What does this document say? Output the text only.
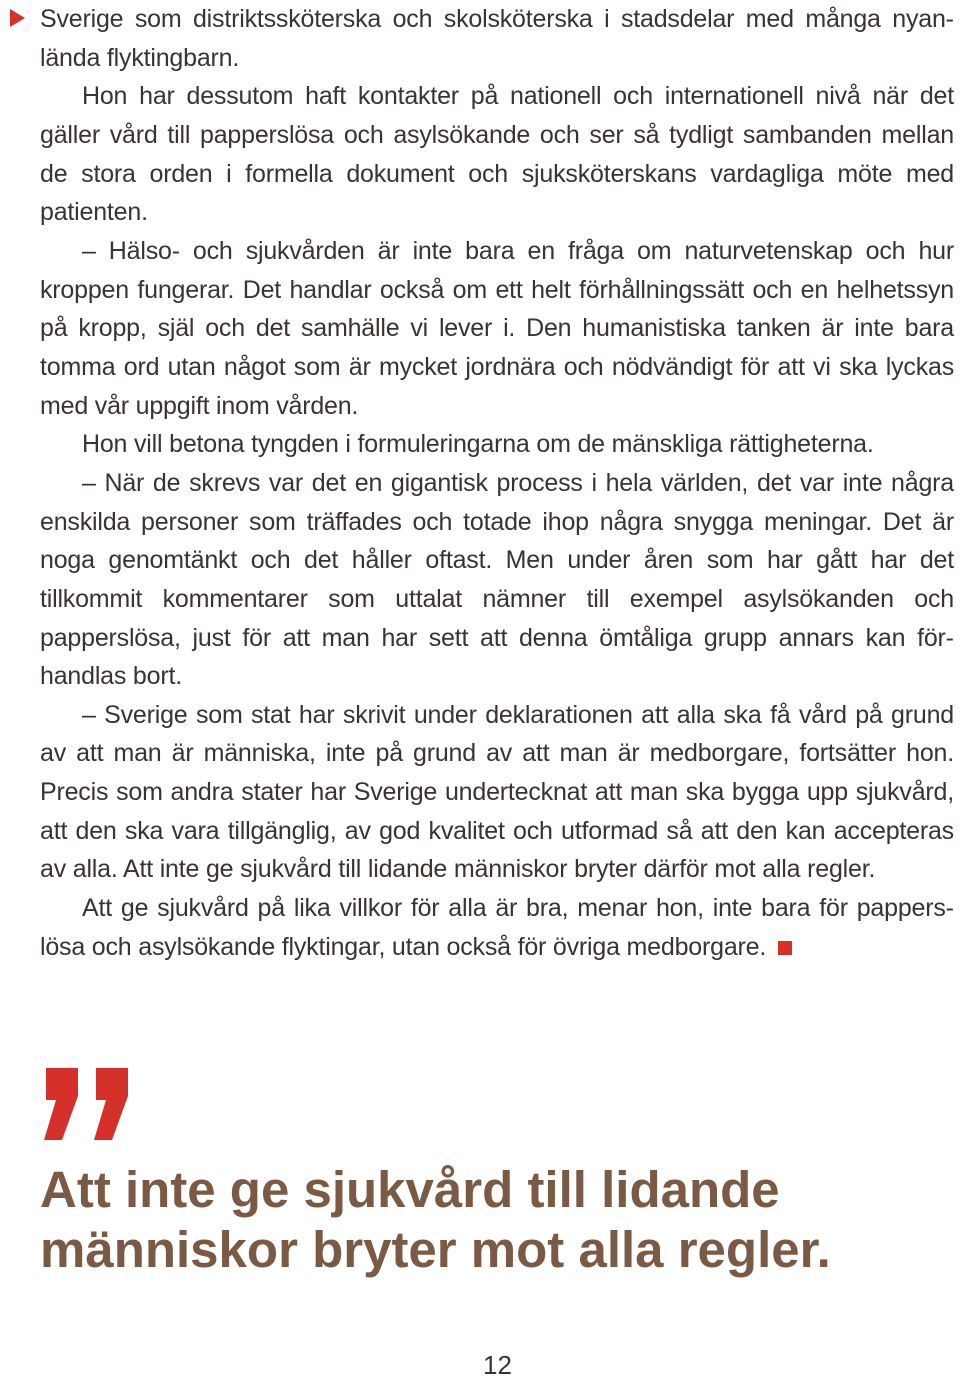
Sverige som distriktssköterska och skolsköterska i stadsdelar med många nyanlända flyktingbarn.

Hon har dessutom haft kontakter på nationell och internationell nivå när det gäller vård till papperslösa och asylsökande och ser så tydligt sambanden mellan de stora orden i formella dokument och sjuksköterskans vardagliga möte med patienten.

– Hälso- och sjukvården är inte bara en fråga om naturvetenskap och hur kroppen fungerar. Det handlar också om ett helt förhållningssätt och en helhetssyn på kropp, själ och det samhälle vi lever i. Den humanistiska tanken är inte bara tomma ord utan något som är mycket jordnära och nödvändigt för att vi ska lyckas med vår uppgift inom vården.

Hon vill betona tyngden i formuleringarna om de mänskliga rättigheterna.

– När de skrevs var det en gigantisk process i hela världen, det var inte några enskilda personer som träffades och totade ihop några snygga meningar. Det är noga genomtänkt och det håller oftast. Men under åren som har gått har det tillkommit kommentarer som uttalat nämner till exempel asylsökanden och papperslösa, just för att man har sett att denna ömtåliga grupp annars kan förhandlas bort.

– Sverige som stat har skrivit under deklarationen att alla ska få vård på grund av att man är människa, inte på grund av att man är medborgare, fortsätter hon. Precis som andra stater har Sverige undertecknat att man ska bygga upp sjukvård, att den ska vara tillgänglig, av god kvalitet och utformad så att den kan accepteras av alla. Att inte ge sjukvård till lidande människor bryter därför mot alla regler.

Att ge sjukvård på lika villkor för alla är bra, menar hon, inte bara för papperslösa och asylsökande flyktingar, utan också för övriga medborgare.

Att inte ge sjukvård till lidande
människor bryter mot alla regler.
12
